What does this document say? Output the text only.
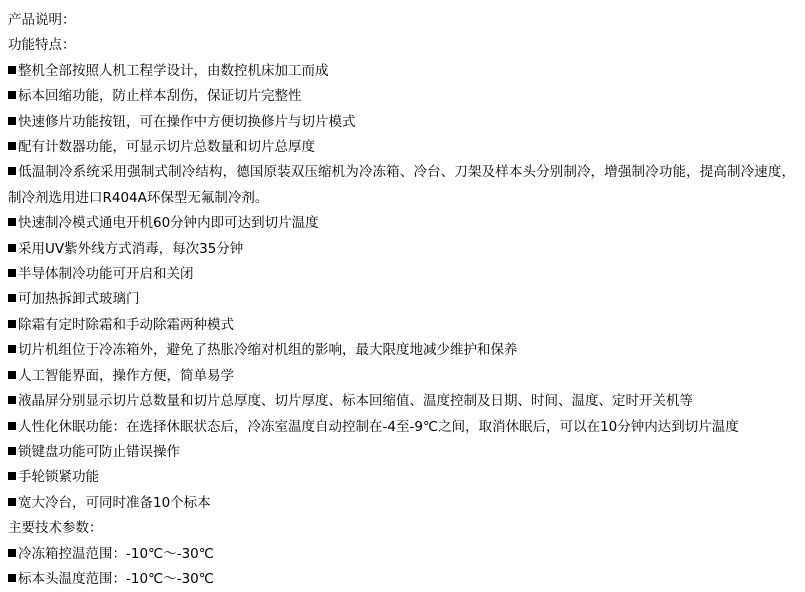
产品说明：
功能特点：
整机全部按照人机工程学设计，由数控机床加工而成
标本回缩功能，防止样本刮伤，保证切片完整性
快速修片功能按钮，可在操作中方便切换修片与切片模式
配有计数器功能，可显示切片总数量和切片总厚度
低温制冷系统采用强制式制冷结构，德国原装双压缩机为冷冻箱、冷台、刀架及样本头分别制冷，增强制冷功能，提高制冷速度，制冷剂选用进口R404A环保型无氟制冷剂。
快速制冷模式通电开机60分钟内即可达到切片温度
采用UV紫外线方式消毒，每次35分钟
半导体制冷功能可开启和关闭
可加热拆卸式玻璃门
除霜有定时除霜和手动除霜两种模式
切片机组位于冷冻箱外，避免了热胀冷缩对机组的影响，最大限度地减少维护和保养
人工智能界面，操作方便，简单易学
液晶屏分别显示切片总数量和切片总厚度、切片厚度、标本回缩值、温度控制及日期、时间、温度、定时开关机等
人性化休眠功能：在选择休眠状态后，冷冻室温度自动控制在-4至-9℃之间，取消休眠后，可以在10分钟内达到切片温度
锁键盘功能可防止错误操作
手轮锁紧功能
宽大冷台，可同时准备10个标本
主要技术参数：
冷冻箱控温范围：-10℃～-30℃
标本头温度范围：-10℃～-30℃
